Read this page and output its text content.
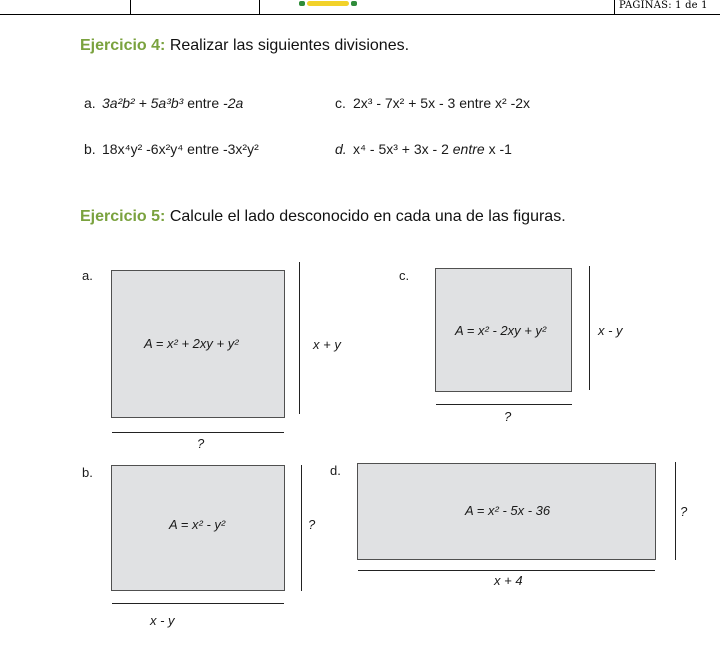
PÁGINAS: 1 de 1
Ejercicio 4: Realizar las siguientes divisiones.
a. 3a²b² + 5a³b³ entre -2a	c. 2x³ - 7x² + 5x - 3 entre x² -2x
b. 18x⁴y² -6x²y⁴ entre -3x²y²	d. x⁴ - 5x³ + 3x - 2 entre x -1
Ejercicio 5: Calcule el lado desconocido en cada una de las figuras.
a.
A = x² + 2xy + y²	x + y
?
c.
A = x² - 2xy + y²	x - y
?
b.
A = x² - y²	?
x - y
d.
A = x² - 5x - 36	?
x + 4
